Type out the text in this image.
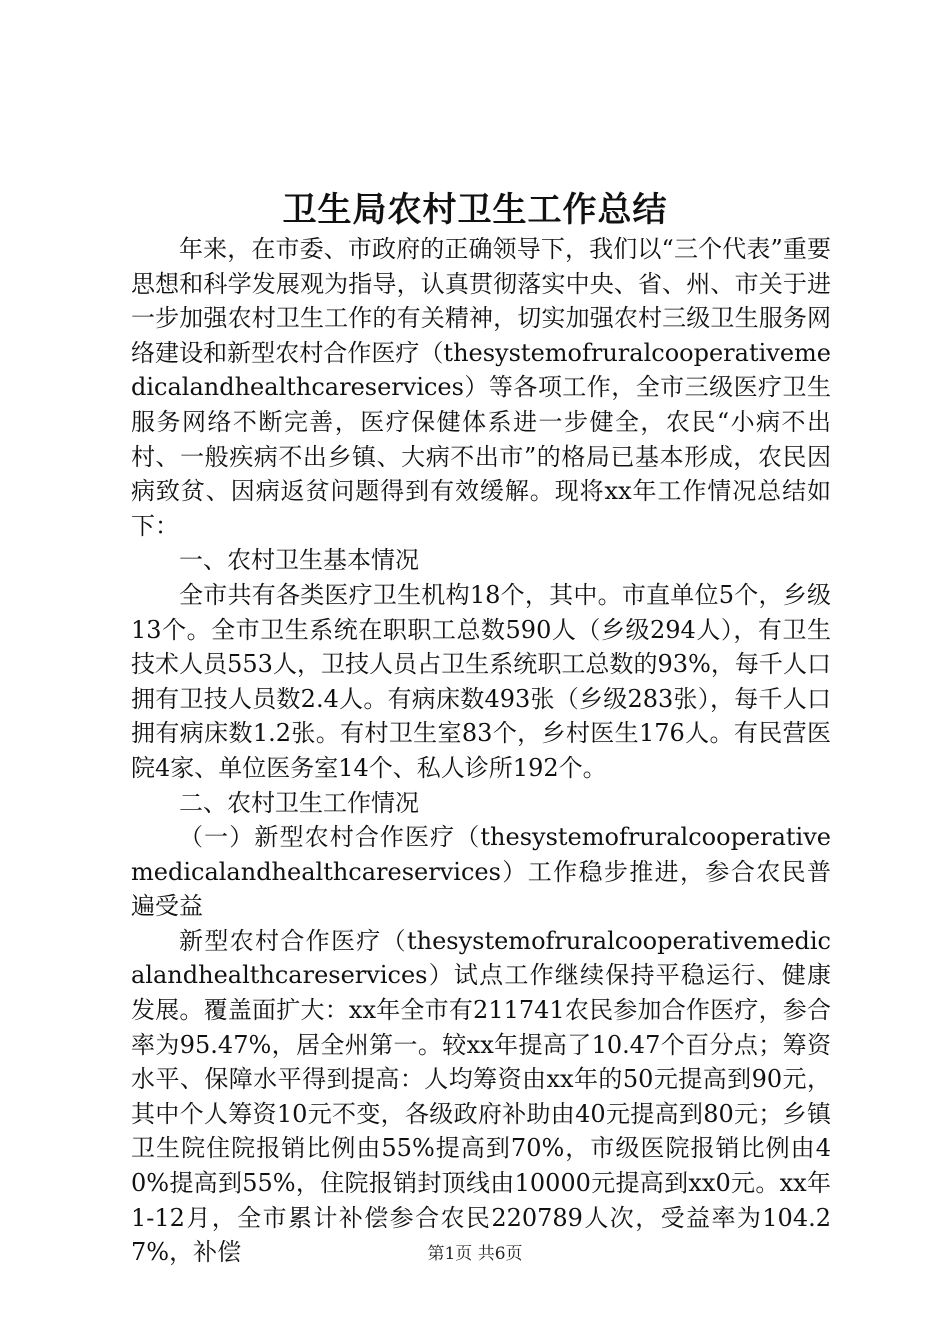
卫生局农村卫生工作总结

年来，在市委、市政府的正确领导下，我们以“三个代表”重要思想和科学发展观为指导，认真贯彻落实中央、省、州、市关于进一步加强农村卫生工作的有关精神，切实加强农村三级卫生服务网络建设和新型农村合作医疗（thesystemofruralcooperativemedicalandhealthcareservices）等各项工作，全市三级医疗卫生服务网络不断完善，医疗保健体系进一步健全，农民“小病不出村、一般疾病不出乡镇、大病不出市”的格局已基本形成，农民因病致贫、因病返贫问题得到有效缓解。现将xx年工作情况总结如下：

一、农村卫生基本情况

全市共有各类医疗卫生机构18个，其中。市直单位5个，乡级13个。全市卫生系统在职职工总数590人（乡级294人），有卫生技术人员553人，卫技人员占卫生系统职工总数的93%，每千人口拥有卫技人员数2.4人。有病床数493张（乡级283张），每千人口拥有病床数1.2张。有村卫生室83个，乡村医生176人。有民营医院4家、单位医务室14个、私人诊所192个。

二、农村卫生工作情况

（一）新型农村合作医疗（thesystemofruralcooperativemedicalandhealthcareservices）工作稳步推进，参合农民普遍受益

新型农村合作医疗（thesystemofruralcooperativemedicalandhealthcareservices）试点工作继续保持平稳运行、健康发展。覆盖面扩大：xx年全市有211741农民参加合作医疗，参合率为95.47%，居全州第一。较xx年提高了10.47个百分点；筹资水平、保障水平得到提高：人均筹资由xx年的50元提高到90元，其中个人筹资10元不变，各级政府补助由40元提高到80元；乡镇卫生院住院报销比例由55%提高到70%，市级医院报销比例由40%提高到55%，住院报销封顶线由10000元提高到xx0元。xx年1-12月，全市累计补偿参合农民220789人次，受益率为104.27%，补偿	第1页 共6页
